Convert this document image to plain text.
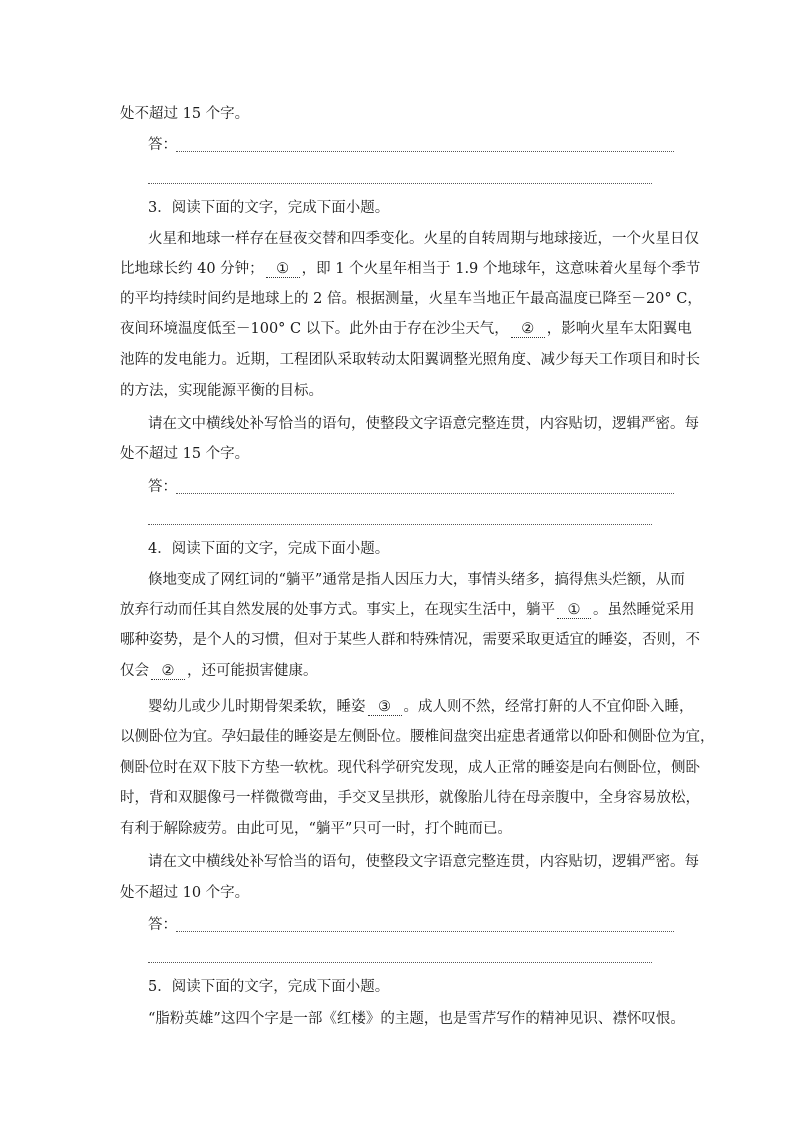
处不超过 15 个字。
答：
3．阅读下面的文字，完成下面小题。
火星和地球一样存在昼夜交替和四季变化。火星的自转周期与地球接近，一个火星日仅
比地球长约 40 分钟； ① ，即 1 个火星年相当于 1.9 个地球年，这意味着火星每个季节
的平均持续时间约是地球上的 2 倍。根据测量，火星车当地正午最高温度已降至－20° C，
夜间环境温度低至－100° C 以下。此外由于存在沙尘天气， ② ，影响火星车太阳翼电
池阵的发电能力。近期，工程团队采取转动太阳翼调整光照角度、减少每天工作项目和时长
的方法，实现能源平衡的目标。
请在文中横线处补写恰当的语句，使整段文字语意完整连贯，内容贴切，逻辑严密。每
处不超过 15 个字。
答：
4．阅读下面的文字，完成下面小题。
倏地变成了网红词的“躺平”通常是指人因压力大，事情头绪多，搞得焦头烂额，从而
放弃行动而任其自然发展的处事方式。事实上，在现实生活中，躺平 ① 。虽然睡觉采用
哪种姿势，是个人的习惯，但对于某些人群和特殊情况，需要采取更适宜的睡姿，否则，不
仅会 ② ，还可能损害健康。
婴幼儿或少儿时期骨架柔软，睡姿 ③ 。成人则不然，经常打鼾的人不宜仰卧入睡，
以侧卧位为宜。孕妇最佳的睡姿是左侧卧位。腰椎间盘突出症患者通常以仰卧和侧卧位为宜，
侧卧位时在双下肢下方垫一软枕。现代科学研究发现，成人正常的睡姿是向右侧卧位，侧卧
时，背和双腿像弓一样微微弯曲，手交叉呈拱形，就像胎儿待在母亲腹中，全身容易放松，
有利于解除疲劳。由此可见，“躺平”只可一时，打个盹而已。
请在文中横线处补写恰当的语句，使整段文字语意完整连贯，内容贴切，逻辑严密。每
处不超过 10 个字。
答：
5．阅读下面的文字，完成下面小题。
“脂粉英雄”这四个字是一部《红楼》的主题，也是雪芹写作的精神见识、襟怀叹恨。
